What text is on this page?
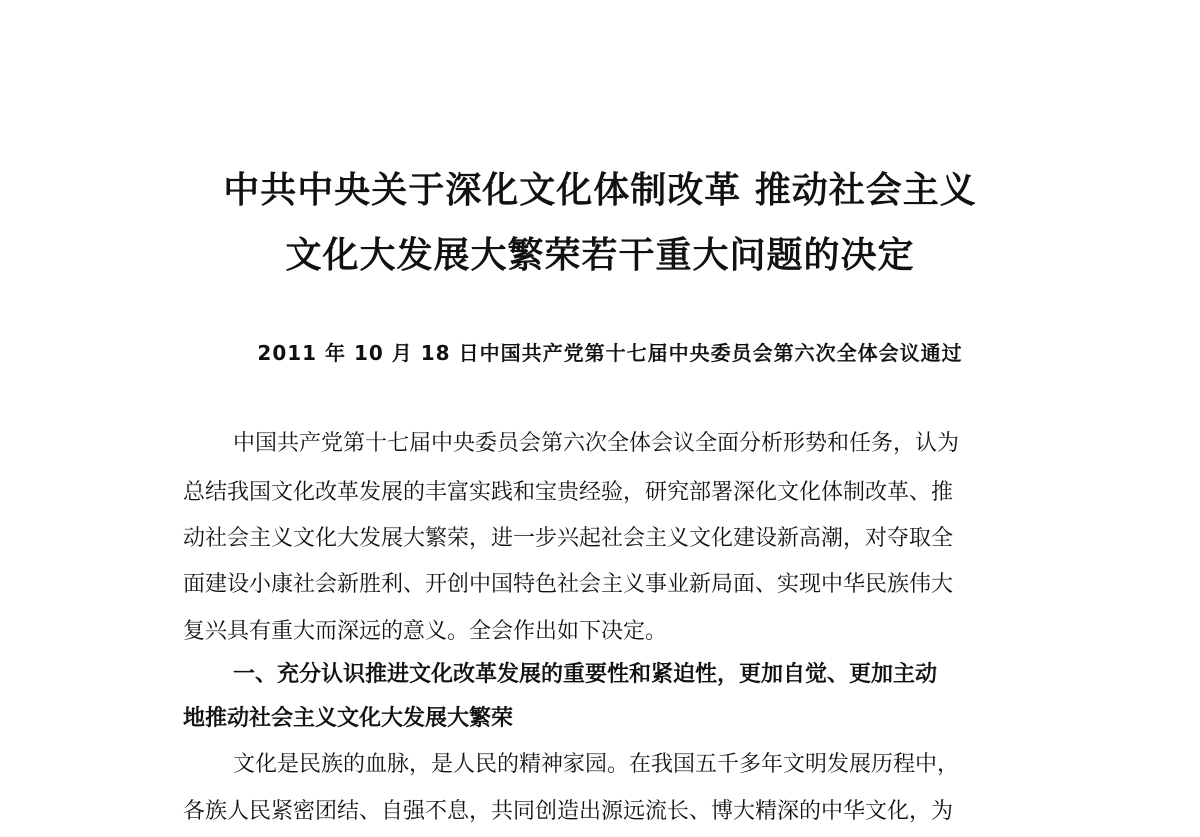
中共中央关于深化文化体制改革 推动社会主义
文化大发展大繁荣若干重大问题的决定
2011 年 10 月 18 日中国共产党第十七届中央委员会第六次全体会议通过
中国共产党第十七届中央委员会第六次全体会议全面分析形势和任务，认为
总结我国文化改革发展的丰富实践和宝贵经验，研究部署深化文化体制改革、推
动社会主义文化大发展大繁荣，进一步兴起社会主义文化建设新高潮，对夺取全
面建设小康社会新胜利、开创中国特色社会主义事业新局面、实现中华民族伟大
复兴具有重大而深远的意义。全会作出如下决定。
一、充分认识推进文化改革发展的重要性和紧迫性，更加自觉、更加主动
地推动社会主义文化大发展大繁荣
文化是民族的血脉，是人民的精神家园。在我国五千多年文明发展历程中，
各族人民紧密团结、自强不息，共同创造出源远流长、博大精深的中华文化，为
